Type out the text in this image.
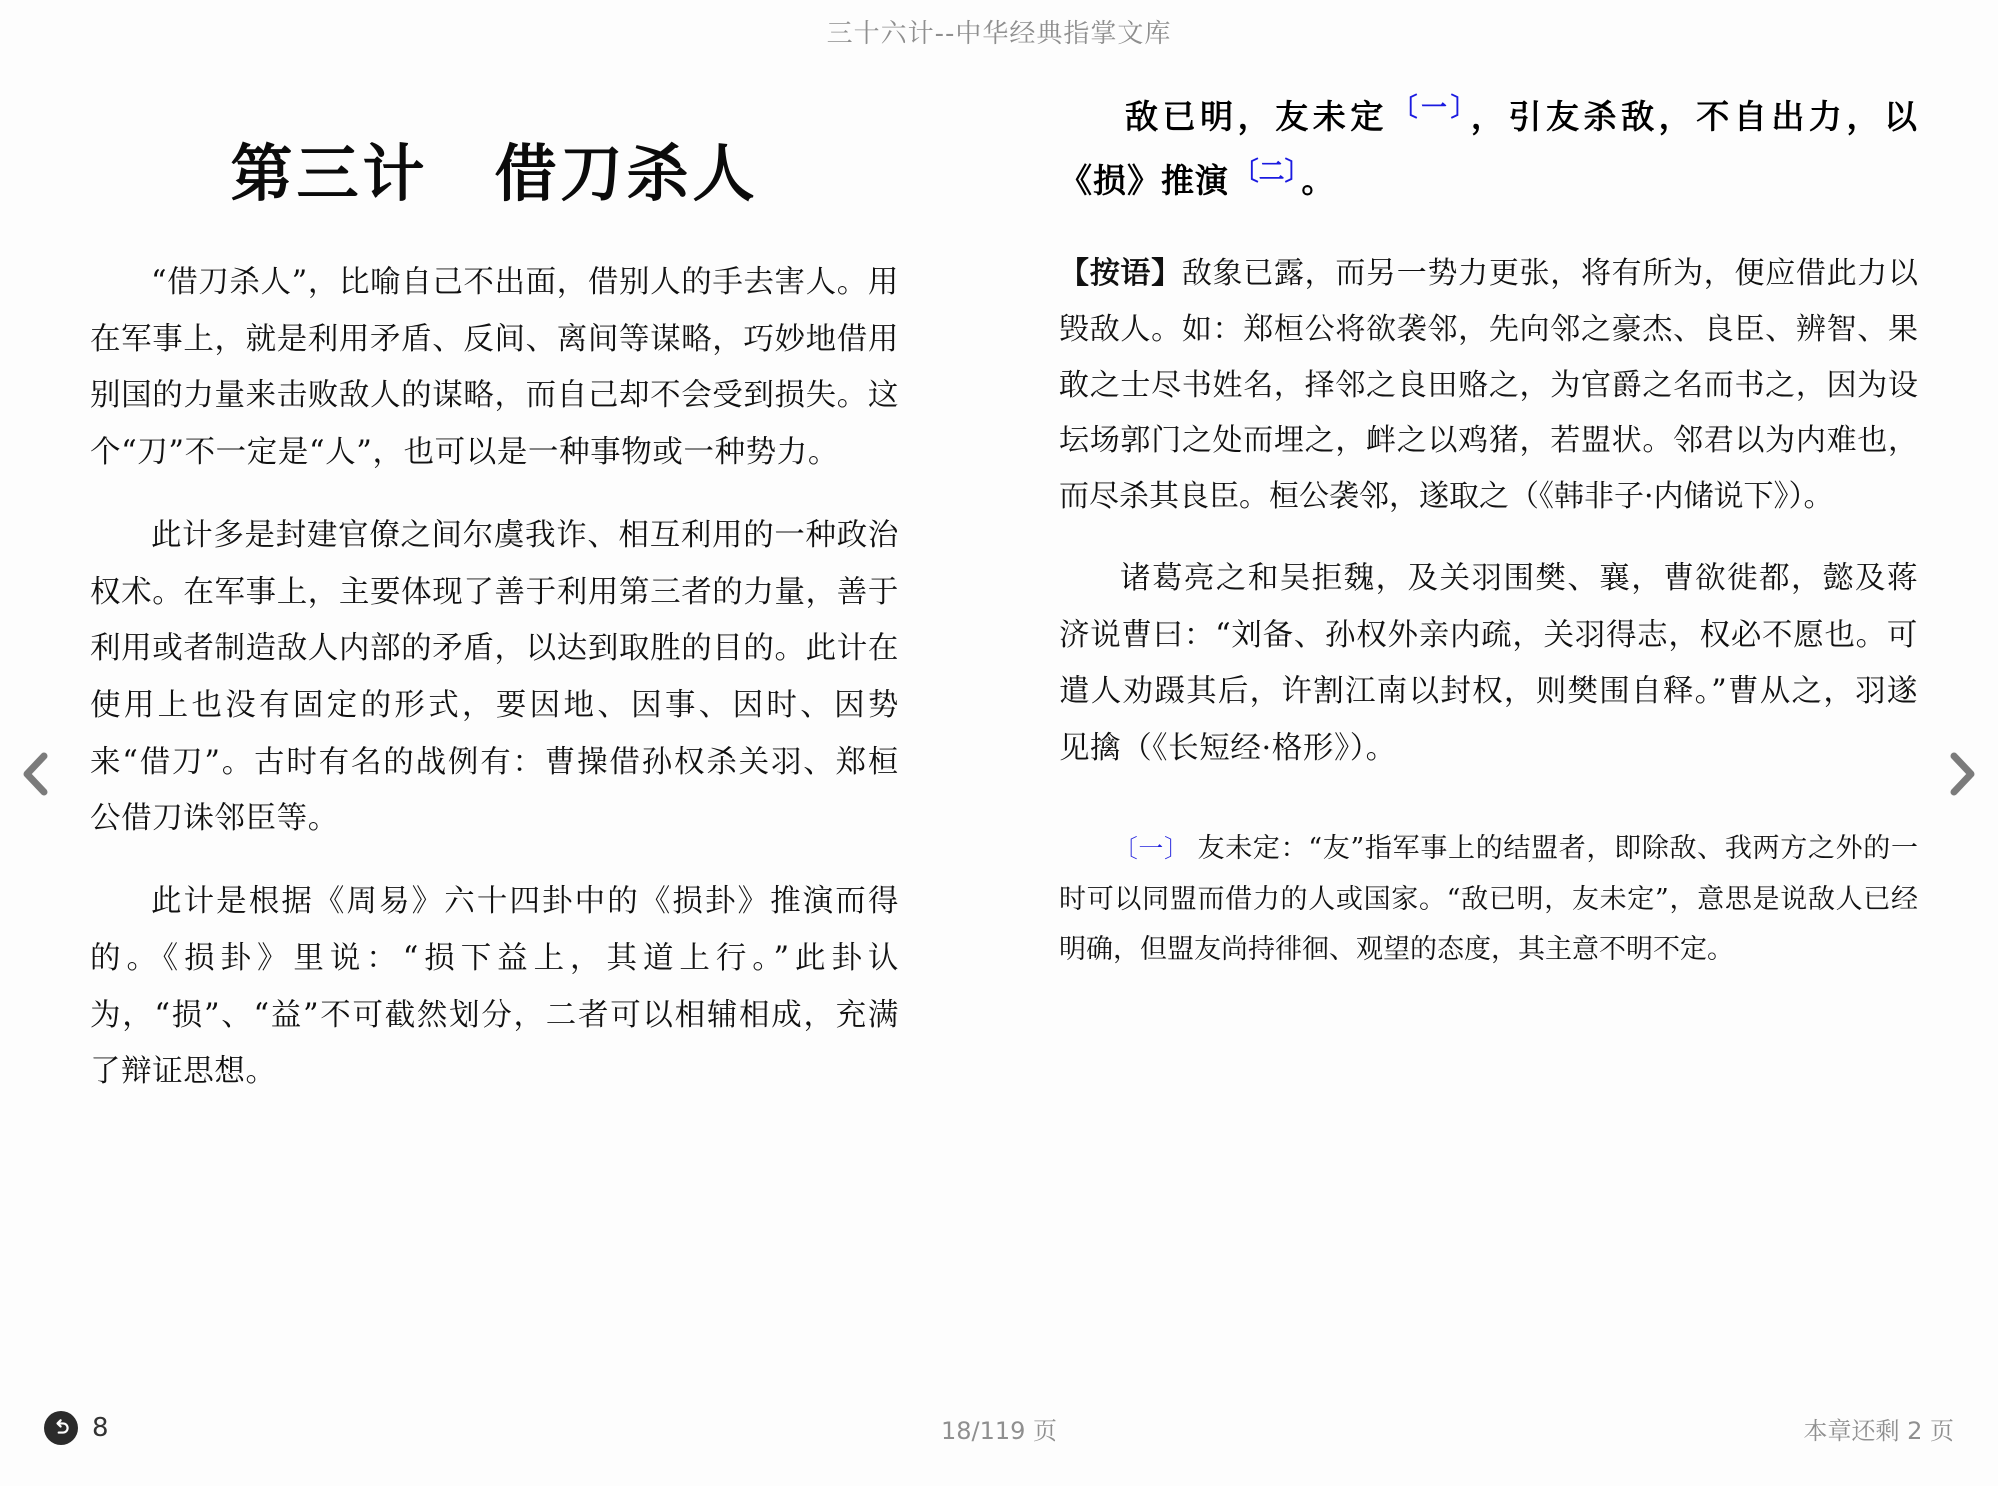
三十六计--中华经典指掌文库
第三计　借刀杀人

“借刀杀人”，比喻自己不出面，借别人的手去害人。用在军事上，就是利用矛盾、反间、离间等谋略，巧妙地借用别国的力量来击败敌人的谋略，而自己却不会受到损失。这个“刀”不一定是“人”，也可以是一种事物或一种势力。

此计多是封建官僚之间尔虞我诈、相互利用的一种政治权术。在军事上，主要体现了善于利用第三者的力量，善于利用或者制造敌人内部的矛盾，以达到取胜的目的。此计在使用上也没有固定的形式，要因地、因事、因时、因势来“借刀”。古时有名的战例有：曹操借孙权杀关羽、郑桓公借刀诛邻臣等。

此计是根据《周易》六十四卦中的《损卦》推演而得的。《损卦》里说：“损下益上，其道上行。”此卦认为，“损”、“益”不可截然划分，二者可以相辅相成，充满了辩证思想。

敌已明，友未定 $^{〔一〕}$ ，引友杀敌，不自出力，以《损》推演 $^{〔二〕}$ 。

【按语】敌象已露，而另一势力更张，将有所为，便应借此力以毁敌人。如：郑桓公将欲袭邻，先向邻之豪杰、良臣、辨智、果敢之士尽书姓名，择邻之良田赂之，为官爵之名而书之，因为设坛场郭门之处而埋之，衅之以鸡猪，若盟状。邻君以为内难也，而尽杀其良臣。桓公袭邻，遂取之（《韩非子·内储说下》）。

诸葛亮之和吴拒魏，及关羽围樊、襄，曹欲徙都，懿及蒋济说曹曰：“刘备、孙权外亲内疏，关羽得志，权必不愿也。可遣人劝蹑其后，许割江南以封权，则樊围自释。”曹从之，羽遂见擒（《长短经·格形》）。

〔一〕 友未定：“友”指军事上的结盟者，即除敌、我两方之外的一时可以同盟而借力的人或国家。“敌已明，友未定”，意思是说敌人已经明确，但盟友尚持徘徊、观望的态度，其主意不明不定。

8	18/119 页	本章还剩 2 页
